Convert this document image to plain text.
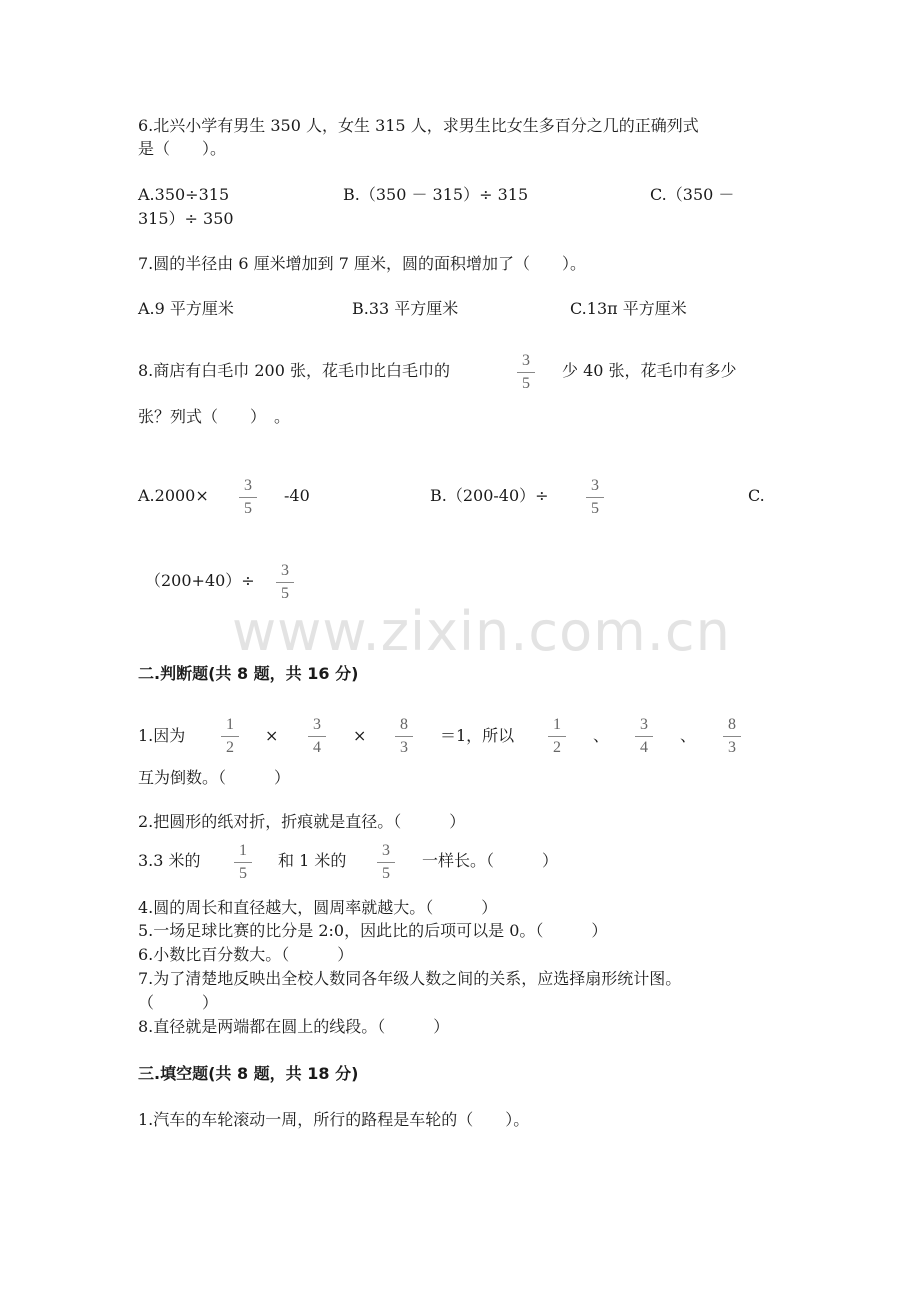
www.zixin.com.cn
6.北兴小学有男生 350 人，女生 315 人，求男生比女生多百分之几的正确列式
是（　　）。
A.350÷315	B.（350 － 315）÷ 315	C.（350 －
315）÷ 350
7.圆的半径由 6 厘米增加到 7 厘米，圆的面积增加了（　　）。
A.9 平方厘米	B.33 平方厘米	C.13π 平方厘米
8.商店有白毛巾 200 张，花毛巾比白毛巾的
3
5
少 40 张，花毛巾有多少
张？列式（　　）　。
A.2000×
3
5
-40	B.（200-40）÷
3
5
C.
（200+40）÷
3
5
二.判断题(共 8 题，共 16 分)
1.因为
1
2
×
3
4
×
8
3
＝1，所以
1
2
、
3
4
、
8
3
互为倒数。（　　　）
2.把圆形的纸对折，折痕就是直径。（　　　）
3.3 米的
1
5
和 1 米的
3
5
一样长。（　　　）
4.圆的周长和直径越大，圆周率就越大。（　　　）
5.一场足球比赛的比分是 2:0，因此比的后项可以是 0。（　　　）
6.小数比百分数大。（　　　）
7.为了清楚地反映出全校人数同各年级人数之间的关系，应选择扇形统计图。
（　　　）
8.直径就是两端都在圆上的线段。（　　　）
三.填空题(共 8 题，共 18 分)
1.汽车的车轮滚动一周，所行的路程是车轮的（　　）。
